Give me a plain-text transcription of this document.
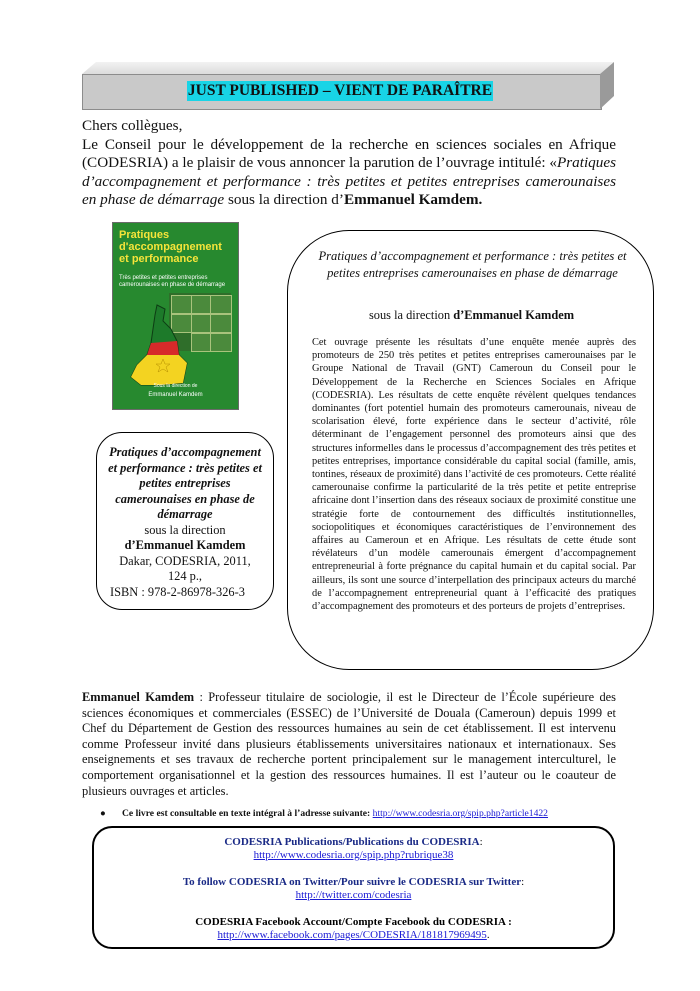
JUST PUBLISHED – VIENT DE PARAÎTRE

Chers collègues,

Le Conseil pour le développement de la recherche en sciences sociales en Afrique (CODESRIA) a le plaisir de vous annoncer la parution de l’ouvrage intitulé: «Pratiques d’accompagnement et performance : très petites et petites entreprises camerounaises en phase de démarrage sous la direction d’Emmanuel Kamdem.

Pratiques d'accompagnement et performance
Très petites et petites entreprises camerounaises en phase de démarrage
Sous la direction de
Emmanuel Kamdem
Pratiques d’accompagnement et performance : très petites et petites entreprises camerounaises en phase de démarrage
sous la direction
d’Emmanuel Kamdem
Dakar, CODESRIA, 2011,
124 p.,
ISBN : 978-2-86978-326-3
Pratiques d’accompagnement et performance : très petites et petites entreprises camerounaises en phase de démarrage
sous la direction d’Emmanuel Kamdem
Cet ouvrage présente les résultats d’une enquête menée auprès des promoteurs de 250 très petites et petites entreprises camerounaises par le Groupe National de Travail (GNT) Cameroun du Conseil pour le Développement de la Recherche en Sciences Sociales en Afrique (CODESRIA). Les résultats de cette enquête révèlent quelques tendances dominantes (fort potentiel humain des promoteurs camerounais, niveau de scolarisation élevé, forte expérience dans le secteur d’activité, rôle déterminant de l’engagement personnel des promoteurs ainsi que des structures informelles dans le processus d’accompagnement des très petites et petites entreprises, importance considérable du capital social (famille, amis, tontines, réseaux de proximité) dans l’activité de ces promoteurs. Cette réalité camerounaise confirme la particularité de la très petite et petite entreprise africaine dont l’insertion dans des réseaux sociaux de proximité constitue une stratégie forte de contournement des difficultés institutionnelles, sociopolitiques et économiques caractéristiques de l’environnement des affaires au Cameroun et en Afrique. Les résultats de cette étude sont révélateurs d’un modèle camerounais émergent d’accompagnement entrepreneurial à forte prégnance du capital humain et du capital social. Par ailleurs, ils sont une source d’interpellation des principaux acteurs du marché de l’accompagnement entrepreneurial quant à l’efficacité des pratiques d’accompagnement des promoteurs et des porteurs de projets d’entreprises.
Emmanuel Kamdem : Professeur titulaire de sociologie, il est le Directeur de l’École supérieure des sciences économiques et commerciales (ESSEC) de l’Université de Douala (Cameroun) depuis 1999 et Chef du Département de Gestion des ressources humaines au sein de cet établissement. Il est intervenu comme Professeur invité dans plusieurs établissements universitaires nationaux et internationaux. Ses enseignements et ses travaux de recherche portent principalement sur le management interculturel, le comportement organisationnel et la gestion des ressources humaines. Il est l’auteur ou le coauteur de plusieurs ouvrages et articles.
● Ce livre est consultable en texte intégral à l’adresse suivante: http://www.codesria.org/spip.php?article1422
CODESRIA Publications/Publications du CODESRIA:
http://www.codesria.org/spip.php?rubrique38
To follow CODESRIA on Twitter/Pour suivre le CODESRIA sur Twitter:
http://twitter.com/codesria
CODESRIA Facebook Account/Compte Facebook du CODESRIA :
http://www.facebook.com/pages/CODESRIA/181817969495.
